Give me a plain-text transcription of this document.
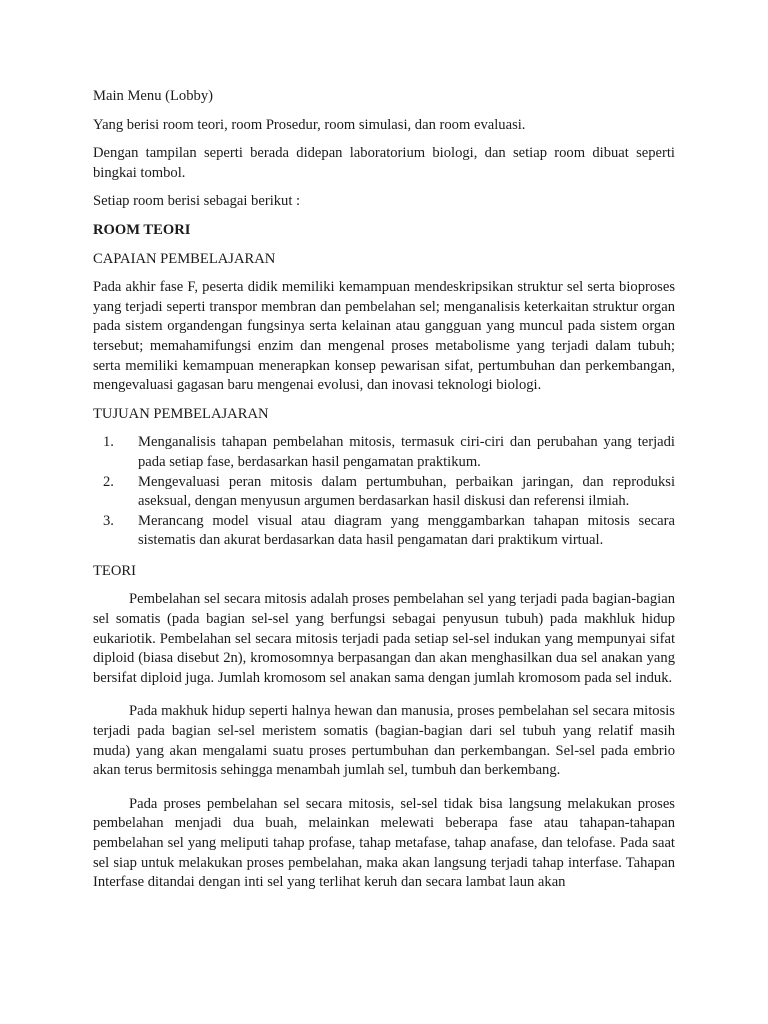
Main Menu (Lobby)

Yang berisi room teori, room Prosedur, room simulasi, dan room evaluasi.

Dengan tampilan seperti berada didepan laboratorium biologi, dan setiap room dibuat seperti bingkai tombol.

Setiap room berisi sebagai berikut :

ROOM TEORI

CAPAIAN PEMBELAJARAN

Pada akhir fase F, peserta didik memiliki kemampuan mendeskripsikan struktur sel serta bioproses yang terjadi seperti transpor membran dan pembelahan sel; menganalisis keterkaitan struktur organ pada sistem organdengan fungsinya serta kelainan atau gangguan yang muncul pada sistem organ tersebut; memahamifungsi enzim dan mengenal proses metabolisme yang terjadi dalam tubuh; serta memiliki kemampuan menerapkan konsep pewarisan sifat, pertumbuhan dan perkembangan, mengevaluasi gagasan baru mengenai evolusi, dan inovasi teknologi biologi.

TUJUAN PEMBELAJARAN

1. Menganalisis tahapan pembelahan mitosis, termasuk ciri-ciri dan perubahan yang terjadi pada setiap fase, berdasarkan hasil pengamatan praktikum.
2. Mengevaluasi peran mitosis dalam pertumbuhan, perbaikan jaringan, dan reproduksi aseksual, dengan menyusun argumen berdasarkan hasil diskusi dan referensi ilmiah.
3. Merancang model visual atau diagram yang menggambarkan tahapan mitosis secara sistematis dan akurat berdasarkan data hasil pengamatan dari praktikum virtual.

TEORI

Pembelahan sel secara mitosis adalah proses pembelahan sel yang terjadi pada bagian-bagian sel somatis (pada bagian sel-sel yang berfungsi sebagai penyusun tubuh) pada makhluk hidup eukariotik. Pembelahan sel secara mitosis terjadi pada setiap sel-sel indukan yang mempunyai sifat diploid (biasa disebut 2n), kromosomnya berpasangan dan akan menghasilkan dua sel anakan yang bersifat diploid juga. Jumlah kromosom sel anakan sama dengan jumlah kromosom pada sel induk.

Pada makhuk hidup seperti halnya hewan dan manusia, proses pembelahan sel secara mitosis terjadi pada bagian sel-sel meristem somatis (bagian-bagian dari sel tubuh yang relatif masih muda) yang akan mengalami suatu proses pertumbuhan dan perkembangan. Sel-sel pada embrio akan terus bermitosis sehingga menambah jumlah sel, tumbuh dan berkembang.

Pada proses pembelahan sel secara mitosis, sel-sel tidak bisa langsung melakukan proses pembelahan menjadi dua buah, melainkan melewati beberapa fase atau tahapan-tahapan pembelahan sel yang meliputi tahap profase, tahap metafase, tahap anafase, dan telofase. Pada saat sel siap untuk melakukan proses pembelahan, maka akan langsung terjadi tahap interfase. Tahapan Interfase ditandai dengan inti sel yang terlihat keruh dan secara lambat laun akan
